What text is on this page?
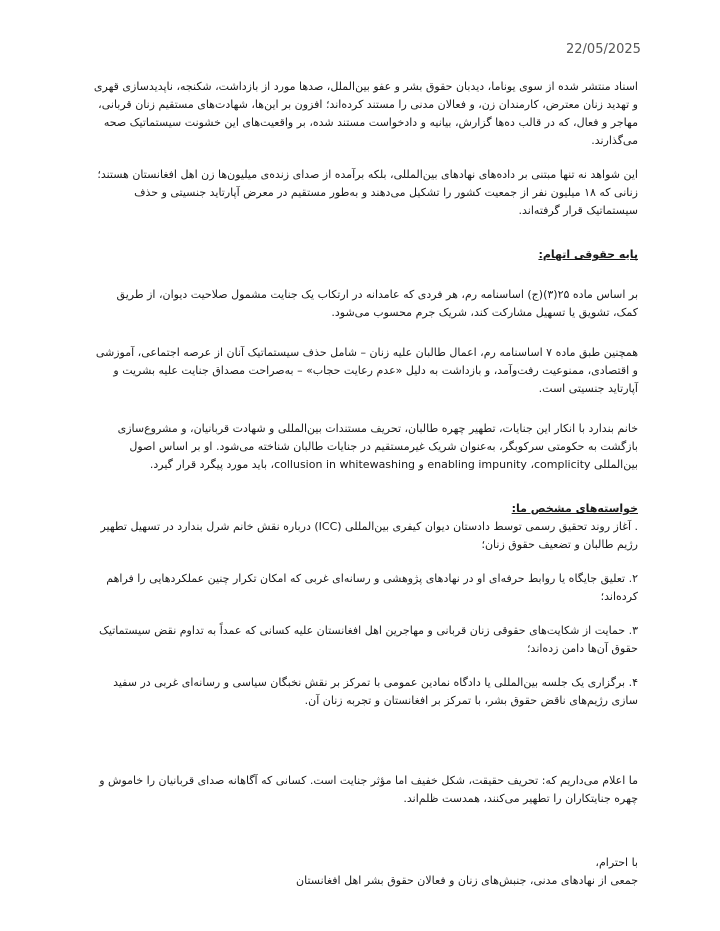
22/05/2025

اسناد منتشر شده از سوی یوناما، دیدبان حقوق بشر و عفو بین‌الملل، صدها مورد از بازداشت، شکنجه، ناپدیدسازی قهری و تهدید زنان معترض، کارمندان زن، و فعالان مدنی را مستند کرده‌اند؛ افزون بر این‌ها، شهادت‌های مستقیم زنان قربانی، مهاجر و فعال، که در قالب ده‌ها گزارش، بیانیه و دادخواست مستند شده، بر واقعیت‌های این خشونت سیستماتیک صحه می‌گذارند.

این شواهد نه تنها مبتنی بر داده‌های نهادهای بین‌المللی، بلکه برآمده از صدای زنده‌ی میلیون‌ها زن اهل افغانستان هستند؛ زنانی که ۱۸ میلیون نفر از جمعیت کشور را تشکیل می‌دهند و به‌طور مستقیم در معرض آپارتاید جنسیتی و حذف سیستماتیک قرار گرفته‌اند.

پایه حقوقی اتهام:

بر اساس ماده ۲۵(۳)(ج) اساسنامه رم، هر فردی که عامدانه در ارتکاب یک جنایت مشمول صلاحیت دیوان، از طریق کمک، تشویق یا تسهیل مشارکت کند، شریک جرم محسوب می‌شود.

همچنین طبق ماده ۷ اساسنامه رم، اعمال طالبان علیه زنان – شامل حذف سیستماتیک آنان از عرصه اجتماعی، آموزشی و اقتصادی، ممنوعیت رفت‌وآمد، و بازداشت به دلیل «عدم رعایت حجاب» – به‌صراحت مصداق جنایت علیه بشریت و آپارتاید جنسیتی است.

خانم بندارد با انکار این جنایات، تطهیر چهره طالبان، تحریف مستندات بین‌المللی و شهادت قربانیان، و مشروع‌سازی بازگشت به حکومتی سرکوبگر، به‌عنوان شریک غیرمستقیم در جنایات طالبان شناخته می‌شود. او بر اساس اصول بین‌المللی complicity، enabling impunity و collusion in whitewashing، باید مورد پیگرد قرار گیرد.

خواسته‌های مشخص ما:

. آغاز روند تحقیق رسمی توسط دادستان دیوان کیفری بین‌المللی (ICC) درباره نقش خانم شرل بندارد در تسهیل تطهیر رژیم طالبان و تضعیف حقوق زنان؛

۲. تعلیق جایگاه یا روابط حرفه‌ای او در نهادهای پژوهشی و رسانه‌ای غربی که امکان تکرار چنین عملکردهایی را فراهم کرده‌اند؛

۳. حمایت از شکایت‌های حقوقی زنان قربانی و مهاجرین اهل افغانستان علیه کسانی که عمداً به تداوم نقض سیستماتیک حقوق آن‌ها دامن زده‌اند؛

۴. برگزاری یک جلسه بین‌المللی یا دادگاه نمادین عمومی با تمرکز بر نقش نخبگان سیاسی و رسانه‌ای غربی در سفید سازی رژیم‌های ناقض حقوق بشر، با تمرکز بر افغانستان و تجربه زنان آن.

ما اعلام می‌داریم که: تحریف حقیقت، شکل خفیف اما مؤثر جنایت است. کسانی که آگاهانه صدای قربانیان را خاموش و چهره جنایتکاران را تطهیر می‌کنند، همدست ظلم‌اند.

با احترام،

جمعی از نهادهای مدنی، جنبش‌های زنان و فعالان حقوق بشر اهل افغانستان
